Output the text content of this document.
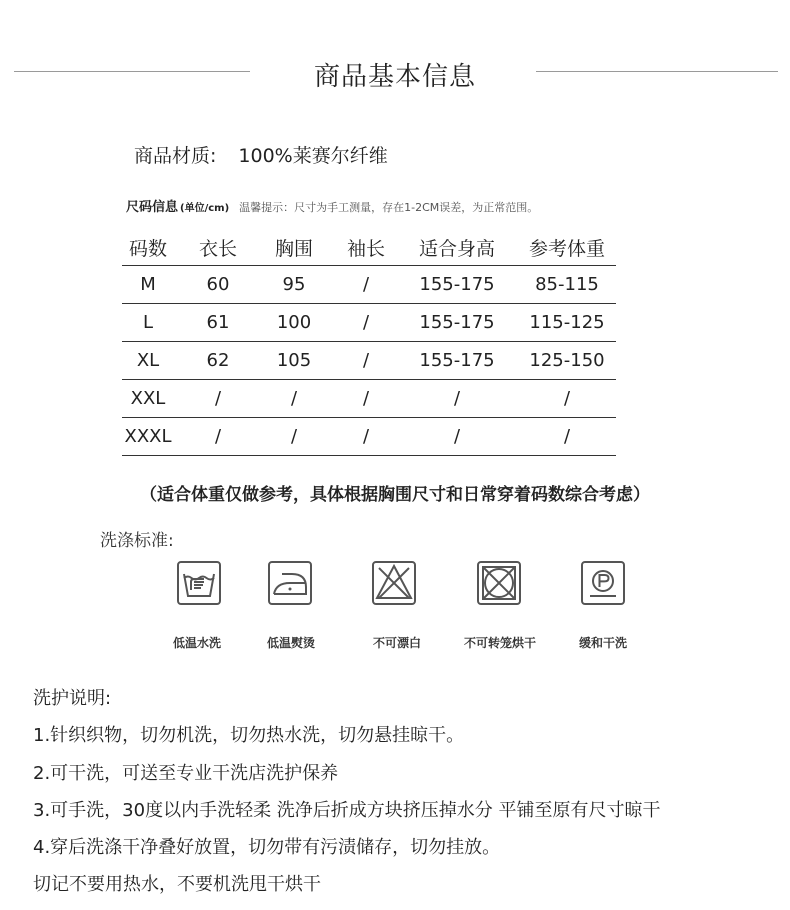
商品基本信息
商品材质: 100%莱赛尔纤维
尺码信息 (单位/cm) 温馨提示：尺寸为手工测量，存在1-2CM误差，为正常范围。
码数	衣长	胸围	袖长	适合身高	参考体重
M	60	95	/	155-175	85-115
L	61	100	/	155-175	115-125
XL	62	105	/	155-175	125-150
XXL	/	/	/	/	/
XXXL	/	/	/	/	/
（适合体重仅做参考，具体根据胸围尺寸和日常穿着码数综合考虑）
洗涤标准:
低温水洗	低温熨烫	不可漂白	不可转笼烘干	缓和干洗
洗护说明:
1.针织织物，切勿机洗，切勿热水洗，切勿悬挂晾干。
2.可干洗，可送至专业干洗店洗护保养
3.可手洗，30度以内手洗轻柔 洗净后折成方块挤压掉水分 平铺至原有尺寸晾干
4.穿后洗涤干净叠好放置，切勿带有污渍储存，切勿挂放。
切记不要用热水，不要机洗甩干烘干
